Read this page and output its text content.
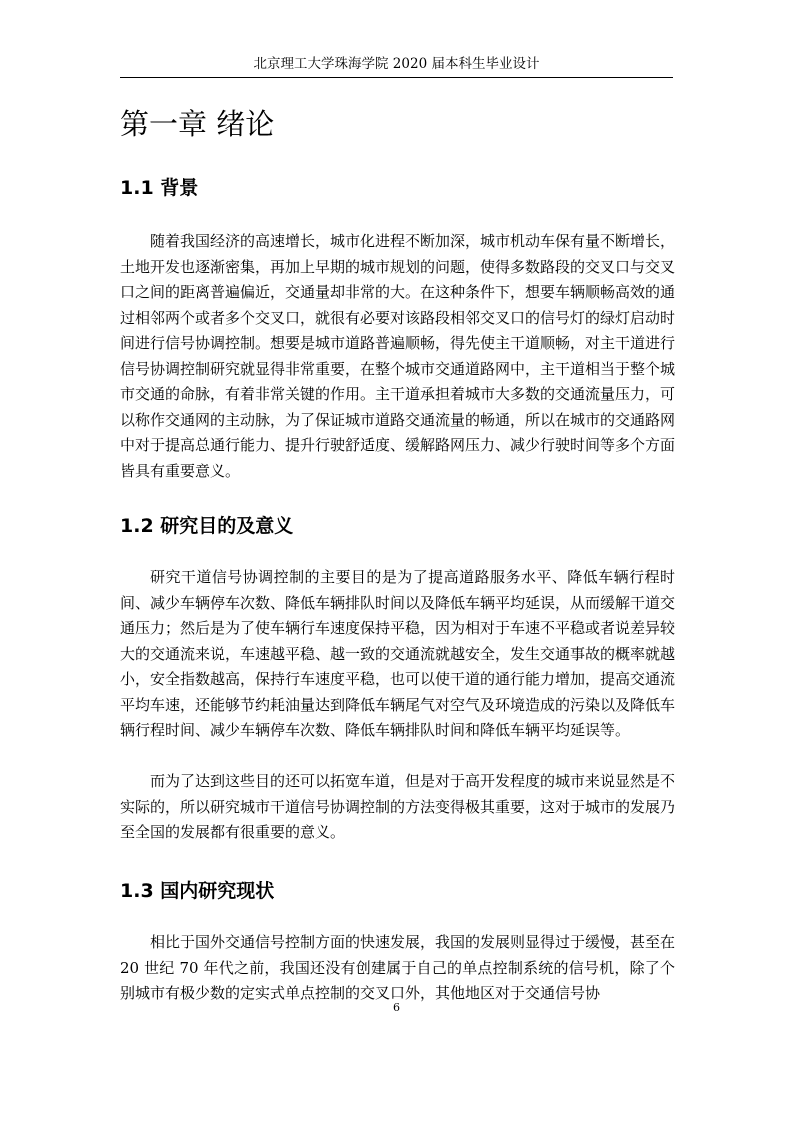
北京理工大学珠海学院 2020 届本科生毕业设计
第一章 绪论
1.1 背景

随着我国经济的高速增长，城市化进程不断加深，城市机动车保有量不断增长，土地开发也逐渐密集，再加上早期的城市规划的问题，使得多数路段的交叉口与交叉口之间的距离普遍偏近，交通量却非常的大。在这种条件下，想要车辆顺畅高效的通过相邻两个或者多个交叉口，就很有必要对该路段相邻交叉口的信号灯的绿灯启动时间进行信号协调控制。想要是城市道路普遍顺畅，得先使主干道顺畅，对主干道进行信号协调控制研究就显得非常重要，在整个城市交通道路网中，主干道相当于整个城市交通的命脉，有着非常关键的作用。主干道承担着城市大多数的交通流量压力，可以称作交通网的主动脉，为了保证城市道路交通流量的畅通，所以在城市的交通路网中对于提高总通行能力、提升行驶舒适度、缓解路网压力、减少行驶时间等多个方面皆具有重要意义。

1.2 研究目的及意义

研究干道信号协调控制的主要目的是为了提高道路服务水平、降低车辆行程时间、减少车辆停车次数、降低车辆排队时间以及降低车辆平均延误，从而缓解干道交通压力；然后是为了使车辆行车速度保持平稳，因为相对于车速不平稳或者说差异较大的交通流来说，车速越平稳、越一致的交通流就越安全，发生交通事故的概率就越小，安全指数越高，保持行车速度平稳，也可以使干道的通行能力增加，提高交通流平均车速，还能够节约耗油量达到降低车辆尾气对空气及环境造成的污染以及降低车辆行程时间、减少车辆停车次数、降低车辆排队时间和降低车辆平均延误等。

而为了达到这些目的还可以拓宽车道，但是对于高开发程度的城市来说显然是不实际的，所以研究城市干道信号协调控制的方法变得极其重要，这对于城市的发展乃至全国的发展都有很重要的意义。

1.3 国内研究现状

相比于国外交通信号控制方面的快速发展，我国的发展则显得过于缓慢，甚至在 20 世纪 70 年代之前，我国还没有创建属于自己的单点控制系统的信号机，除了个别城市有极少数的定实式单点控制的交叉口外，其他地区对于交通信号协

6
